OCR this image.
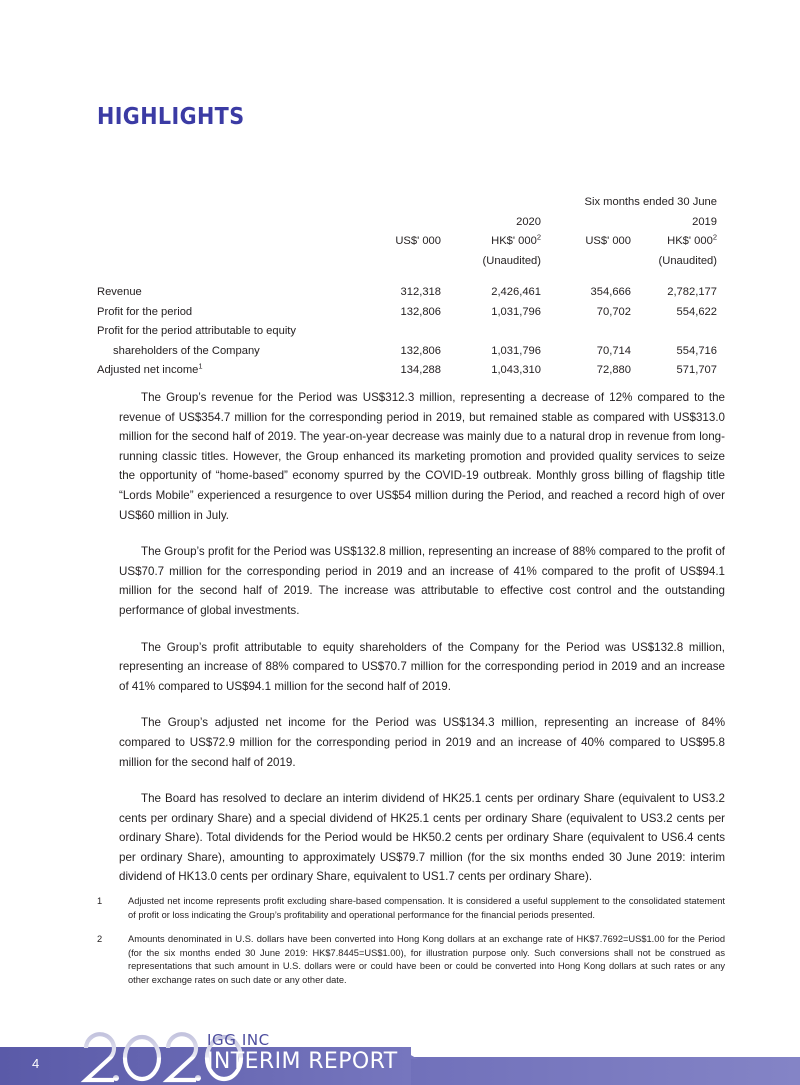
HIGHLIGHTS
	Six months ended 30 June			
	2020		2019	
	US$' 000	HK$' $000^2$	US$' 000	HK$' $000^2$
	(Unaudited)		(Unaudited)	

Revenue	312,318	2,426,461	354,666	2,782,177
Profit for the period	132,806	1,031,796	70,702	554,622
Profit for the period attributable to equity				
shareholders of the Company	132,806	1,031,796	70,714	554,716
Adjusted net income$^1$	134,288	1,043,310	72,880	571,707

The Group’s revenue for the Period was US$312.3 million, representing a decrease of 12% compared to the revenue of US$354.7 million for the corresponding period in 2019, but remained stable as compared with US$313.0 million for the second half of 2019. The year-on-year decrease was mainly due to a natural drop in revenue from long-running classic titles. However, the Group enhanced its marketing promotion and provided quality services to seize the opportunity of “home-based” economy spurred by the COVID-19 outbreak. Monthly gross billing of flagship title “Lords Mobile” experienced a resurgence to over US$54 million during the Period, and reached a record high of over US$60 million in July.

The Group’s profit for the Period was US$132.8 million, representing an increase of 88% compared to the profit of US$70.7 million for the corresponding period in 2019 and an increase of 41% compared to the profit of US$94.1 million for the second half of 2019. The increase was attributable to effective cost control and the outstanding performance of global investments.

The Group’s profit attributable to equity shareholders of the Company for the Period was US$132.8 million, representing an increase of 88% compared to US$70.7 million for the corresponding period in 2019 and an increase of 41% compared to US$94.1 million for the second half of 2019.

The Group’s adjusted net income for the Period was US$134.3 million, representing an increase of 84% compared to US$72.9 million for the corresponding period in 2019 and an increase of 40% compared to US$95.8 million for the second half of 2019.

The Board has resolved to declare an interim dividend of HK25.1 cents per ordinary Share (equivalent to US3.2 cents per ordinary Share) and a special dividend of HK25.1 cents per ordinary Share (equivalent to US3.2 cents per ordinary Share). Total dividends for the Period would be HK50.2 cents per ordinary Share (equivalent to US6.4 cents per ordinary Share), amounting to approximately US$79.7 million (for the six months ended 30 June 2019: interim dividend of HK13.0 cents per ordinary Share, equivalent to US1.7 cents per ordinary Share).

1	Adjusted net income represents profit excluding share-based compensation. It is considered a useful supplement to the consolidated statement of profit or loss indicating the Group’s profitability and operational performance for the financial periods presented.
2	Amounts denominated in U.S. dollars have been converted into Hong Kong dollars at an exchange rate of HK$7.7692=US$1.00 for the Period (for the six months ended 30 June 2019: HK$7.8445=US$1.00), for illustration purpose only. Such conversions shall not be construed as representations that such amount in U.S. dollars were or could have been or could be converted into Hong Kong dollars at such rates or any other exchange rates on such date or any other date.
4
IGG INC
INTERIM REPORT
